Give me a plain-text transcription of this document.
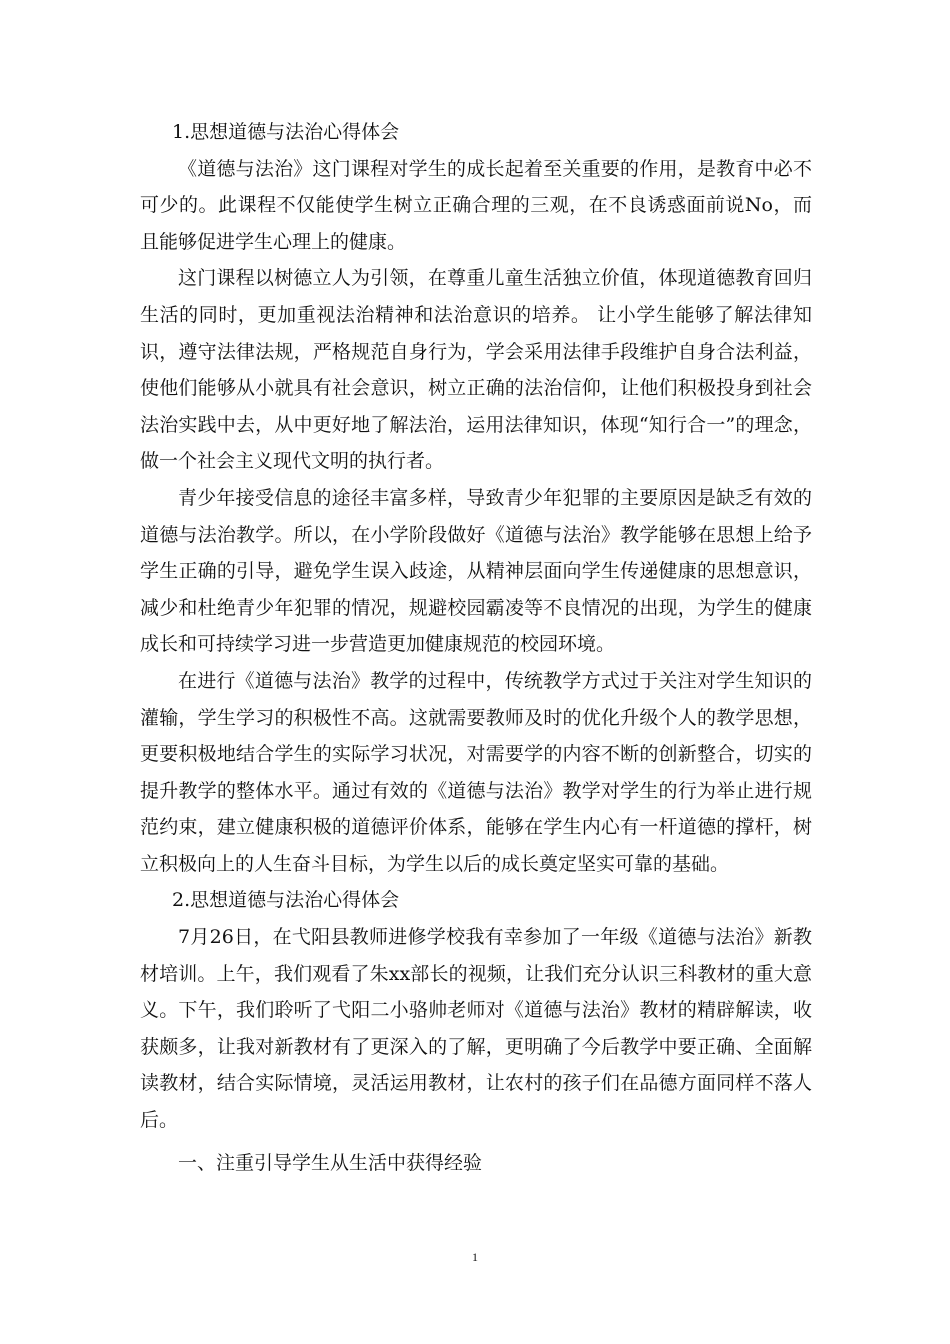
1.思想道德与法治心得体会

《道德与法治》这门课程对学生的成长起着至关重要的作用，是教育中必不可少的。此课程不仅能使学生树立正确合理的三观，在不良诱惑面前说No，而且能够促进学生心理上的健康。

这门课程以树德立人为引领，在尊重儿童生活独立价值，体现道德教育回归生活的同时，更加重视法治精神和法治意识的培养。 让小学生能够了解法律知识，遵守法律法规，严格规范自身行为，学会采用法律手段维护自身合法利益，使他们能够从小就具有社会意识，树立正确的法治信仰，让他们积极投身到社会法治实践中去，从中更好地了解法治，运用法律知识，体现“知行合一”的理念，做一个社会主义现代文明的执行者。

青少年接受信息的途径丰富多样，导致青少年犯罪的主要原因是缺乏有效的道德与法治教学。所以，在小学阶段做好《道德与法治》教学能够在思想上给予学生正确的引导，避免学生误入歧途，从精神层面向学生传递健康的思想意识，减少和杜绝青少年犯罪的情况，规避校园霸凌等不良情况的出现，为学生的健康成长和可持续学习进一步营造更加健康规范的校园环境。

在进行《道德与法治》教学的过程中，传统教学方式过于关注对学生知识的灌输，学生学习的积极性不高。这就需要教师及时的优化升级个人的教学思想，更要积极地结合学生的实际学习状况，对需要学的内容不断的创新整合，切实的提升教学的整体水平。通过有效的《道德与法治》教学对学生的行为举止进行规范约束，建立健康积极的道德评价体系，能够在学生内心有一杆道德的撑杆，树立积极向上的人生奋斗目标，为学生以后的成长奠定坚实可靠的基础。

2.思想道德与法治心得体会

7月26日，在弋阳县教师进修学校我有幸参加了一年级《道德与法治》新教材培训。上午，我们观看了朱xx部长的视频，让我们充分认识三科教材的重大意义。下午，我们聆听了弋阳二小骆帅老师对《道德与法治》教材的精辟解读，收获颇多，让我对新教材有了更深入的了解，更明确了今后教学中要正确、全面解读教材，结合实际情境，灵活运用教材，让农村的孩子们在品德方面同样不落人后。

一、注重引导学生从生活中获得经验

1
